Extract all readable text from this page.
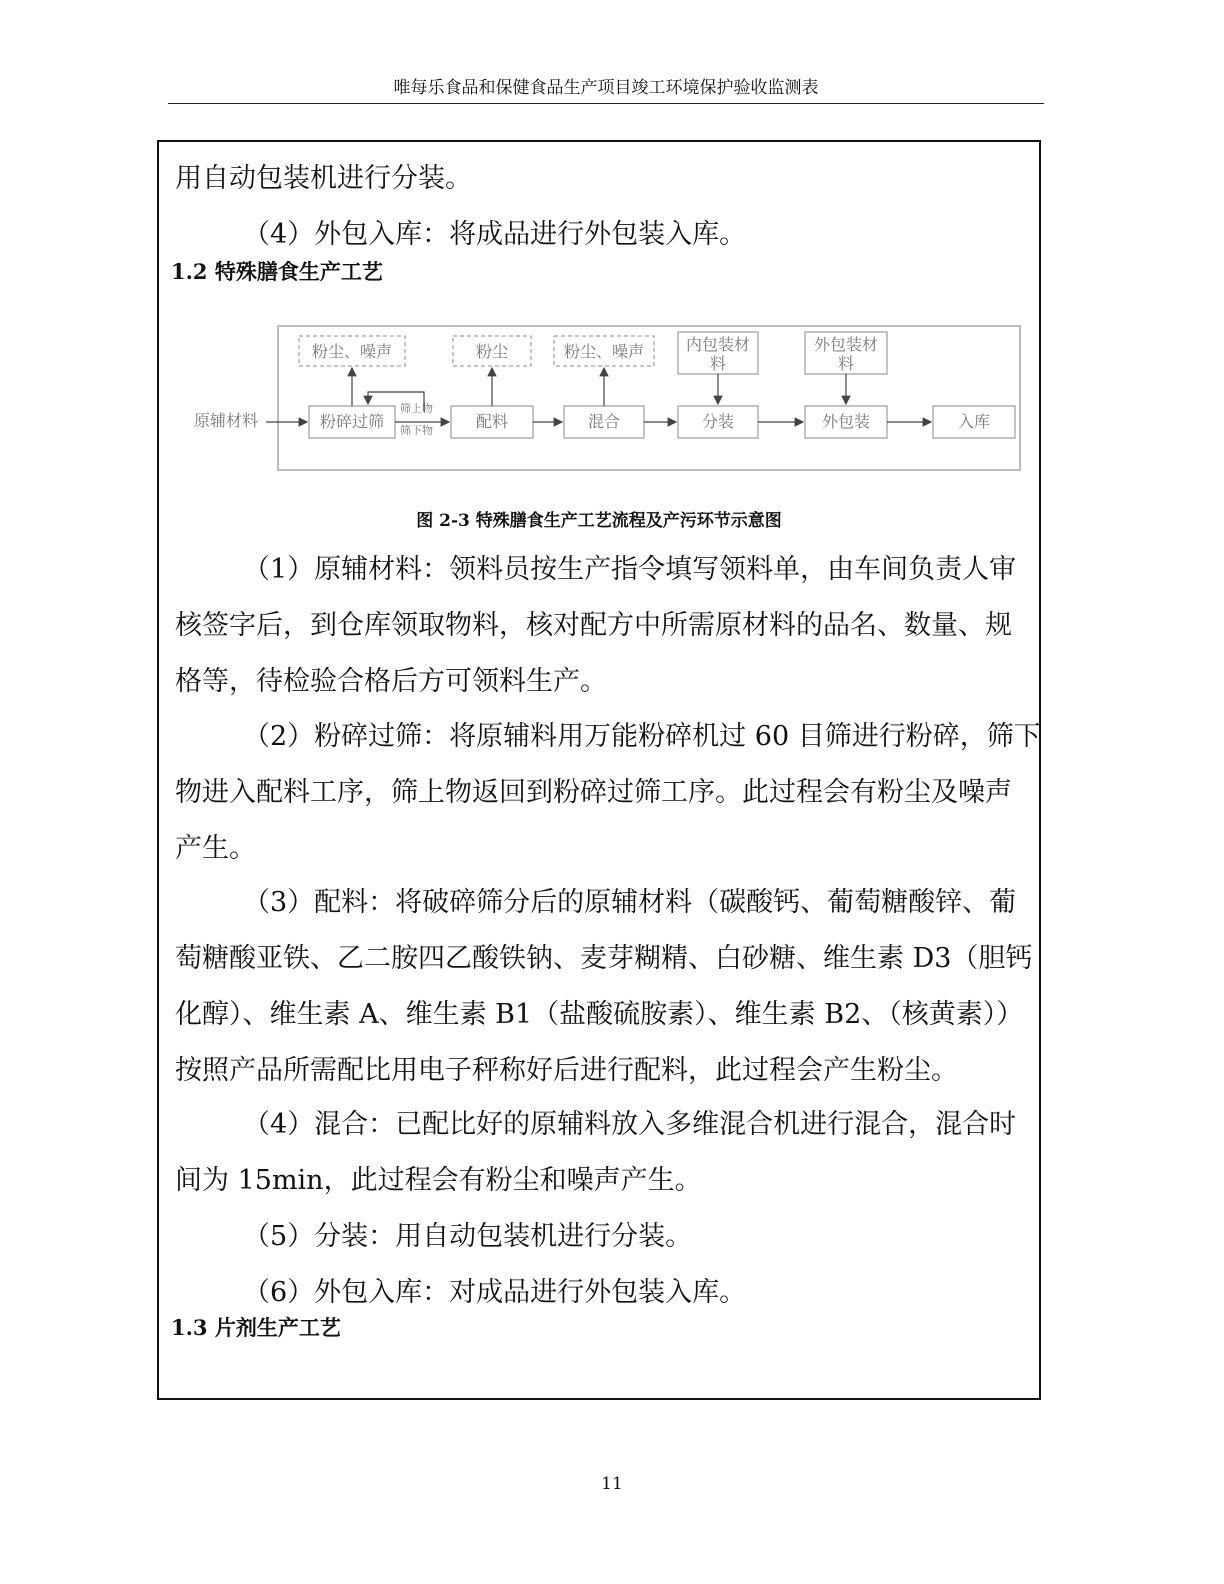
唯每乐食品和保健食品生产项目竣工环境保护验收监测表
用自动包装机进行分装。
（4）外包入库：将成品进行外包装入库。
1.2 特殊膳食生产工艺
原辅材料
粉尘、噪声	粉尘	粉尘、噪声	内包装材
料
外包装材
料
粉碎过筛	配料	混合	分装	外包装	入库
筛上物
筛下物
图 2-3 特殊膳食生产工艺流程及产污环节示意图
（1）原辅材料：领料员按生产指令填写领料单，由车间负责人审
核签字后，到仓库领取物料，核对配方中所需原材料的品名、数量、规
格等，待检验合格后方可领料生产。
（2）粉碎过筛：将原辅料用万能粉碎机过 60 目筛进行粉碎，筛下
物进入配料工序，筛上物返回到粉碎过筛工序。此过程会有粉尘及噪声
产生。
（3）配料：将破碎筛分后的原辅材料（碳酸钙、葡萄糖酸锌、葡
萄糖酸亚铁、乙二胺四乙酸铁钠、麦芽糊精、白砂糖、维生素 D3（胆钙
化醇）、维生素 A、维生素 B1（盐酸硫胺素）、维生素 B2、（核黄素））
按照产品所需配比用电子秤称好后进行配料，此过程会产生粉尘。
（4）混合：已配比好的原辅料放入多维混合机进行混合，混合时
间为 15min，此过程会有粉尘和噪声产生。
（5）分装：用自动包装机进行分装。
（6）外包入库：对成品进行外包装入库。
1.3 片剂生产工艺
11
